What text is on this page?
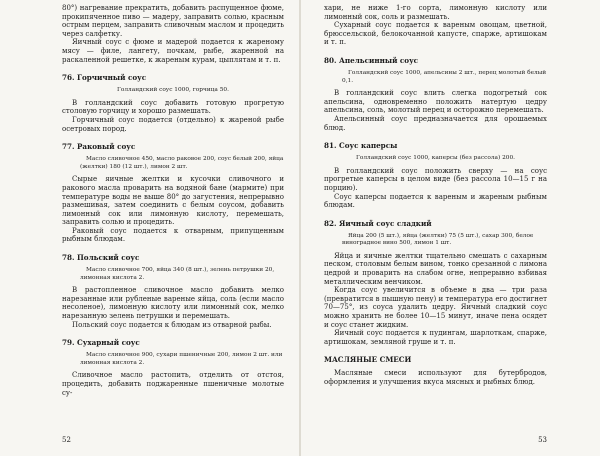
80°) нагревание прекратить, добавить распущенное фюме, прокипяченное пиво — мадеру, заправить солью, красным острым перцем, заправить сливочным маслом и процедить через салфетку.

Яичный соус с фюме и мадерой подается к жареному мясу — филе, лангету, почкам, рыбе, жаренной на раскаленной решетке, к жареным курам, цыплятам и т. п.

76. Горчичный соус

Голландский соус 1000, горчица 50.

В голландский соус добавить готовую прогретую столовую горчицу и хорошо размешать.

Горчичный соус подается (отдельно) к жареной рыбе осетровых пород.

77. Раковый соус

Масло сливочное 450, масло раковое 200, соус белый 200, яйца (желтки) 180 (12 шт.), лимон 2 шт.

Сырые яичные желтки и кусочки сливочного и ракового масла проварить на водяной бане (мармите) при температуре воды не выше 80° до загустения, непрерывно размешивая, затем соединить с белым соусом, добавить лимонный сок или лимонную кислоту, перемешать, заправить солью и процедить.

Раковый соус подается к отварным, припущенным рыбным блюдам.

78. Польский соус

Масло сливочное 700, яйца 340 (8 шт.), зелень петрушки 20, лимонная кислота 2.

В растопленное сливочное масло добавить мелко нарезанные или рубленые вареные яйца, соль (если масло несоленое), лимонную кислоту или лимонный сок, мелко нарезанную зелень петрушки и перемешать.

Польский соус подается к блюдам из отварной рыбы.

79. Сухарный соус

Масло сливочное 900, сухари пшеничные 200, лимон 2 шт. или лимонная кислота 2.

Сливочное масло растопить, отделить от отстоя, процедить, добавить поджаренные пшеничные молотые су-

52

хари, не ниже 1-го сорта, лимонную кислоту или лимонный сок, соль и размешать.

Сухарный соус подается к вареным овощам, цветной, брюссельской, белокочанной капусте, спарже, артишокам и т. п.

80. Апельсинный соус

Голландский соус 1000, апельсины 2 шт., перец молотый белый 0,1.

В голландский соус влить слегка подогретый сок апельсина, одновременно положить натертую цедру апельсина, соль, молотый перец и осторожно перемешать.

Апельсинный соус предназначается для орошаемых блюд.

81. Соус каперсы

Голландский соус 1000, каперсы (без рассола) 200.

В голландский соус положить сверху — на соус прогретые каперсы в целом виде (без рассола 10—15 г на порцию).

Соус каперсы подается к вареным и жареным рыбным блюдам.

82. Яичный соус сладкий

Яйца 200 (5 шт.), яйца (желтки) 75 (5 шт.), сахар 300, белое виноградное вино 500, лимон 1 шт.

Яйца и яичные желтки тщательно смешать с сахарным песком, столовым белым вином, тонко срезанной с лимона цедрой и проварить на слабом огне, непрерывно взбивая металлическим венчиком.

Когда соус увеличится в объеме в два — три раза (превратится в пышную пену) и температура его достигнет 70—75°, из соуса удалить цедру. Яичный сладкий соус можно хранить не более 10—15 минут, иначе пена осядет и соус станет жидким.

Яичный соус подается к пудингам, шарлоткам, спарже, артишокам, земляной груше и т. п.

МАСЛЯНЫЕ СМЕСИ

Масляные смеси используют для бутербродов, оформления и улучшения вкуса мясных и рыбных блюд.

53
